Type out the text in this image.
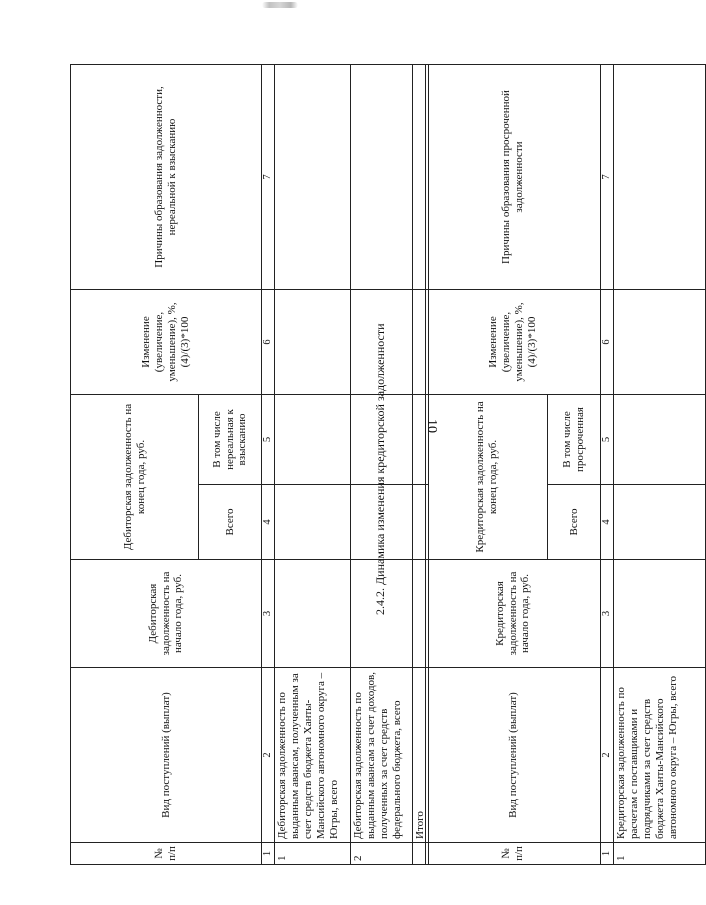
№ п/п	Вид поступлений (выплат)	Дебиторская задолженность на начало года, руб.	Дебиторская задолженность на конец года, руб.		Изменение (увеличение, уменьшение), %, (4)/(3)*100	Причины образования задолженности, нереальной к взысканию
			Всего	В том числе нереальная к взысканию		
1	2	3	4	5	6	7
1	Дебиторская задолженность по выданным авансам, полученным за счет средств бюджета Ханты-Мансийского автономного округа – Югры, всего					
2	Дебиторская задолженность по выданным авансам за счет доходов, полученных за счет средств федерального бюджета, всего					
	Итого					
2.4.2. Динамика изменения кредиторской задолженности
№ п/п	Вид поступлений (выплат)	Кредиторская задолженность на начало года, руб.	Кредиторская задолженность на конец года, руб.		Изменение (увеличение, уменьшение), %, (4)/(3)*100	Причины образования просроченной задолженности
			Всего	В том числе просроченная		
1	2	3	4	5	6	7
1	Кредиторская задолженность по расчетам с поставщиками и подрядчиками за счет средств бюджета Ханты-Мансийского автономного округа – Югры, всего					
10
